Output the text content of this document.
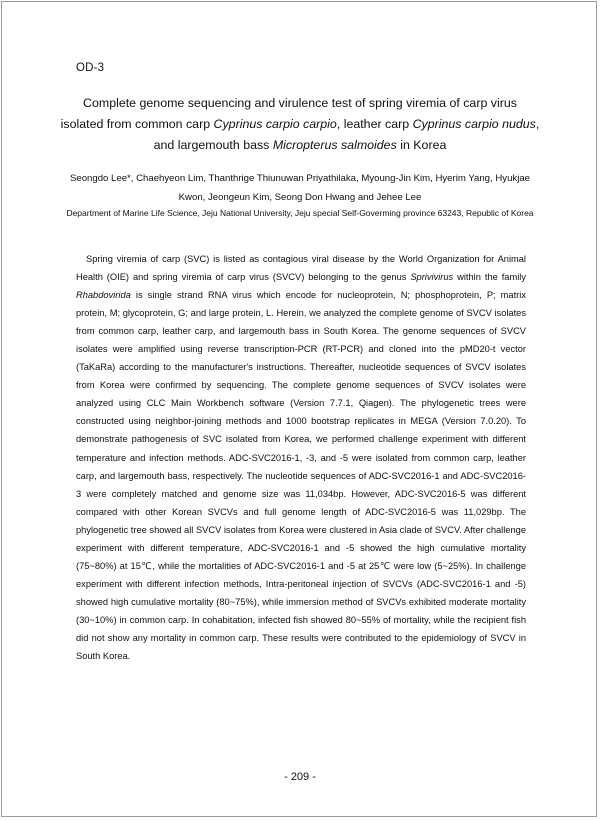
OD-3
Complete genome sequencing and virulence test of spring viremia of carp virus isolated from common carp Cyprinus carpio carpio, leather carp Cyprinus carpio nudus, and largemouth bass Micropterus salmoides in Korea
Seongdo Lee*, Chaehyeon Lim, Thanthrige Thiunuwan Priyathilaka, Myoung-Jin Kim, Hyerim Yang, Hyukjae Kwon, Jeongeun Kim, Seong Don Hwang and Jehee Lee
Department of Marine Life Science, Jeju National University, Jeju special Self-Goverming province 63243, Republic of Korea

Spring viremia of carp (SVC) is listed as contagious viral disease by the World Organization for Animal Health (OIE) and spring viremia of carp virus (SVCV) belonging to the genus Sprivivirus within the family Rhabdovirida is single strand RNA virus which encode for nucleoprotein, N; phosphoprotein, P; matrix protein, M; glycoprotein, G; and large protein, L. Herein, we analyzed the complete genome of SVCV isolates from common carp, leather carp, and largemouth bass in South Korea. The genome sequences of SVCV isolates were amplified using reverse transcription-PCR (RT-PCR) and cloned into the pMD20-t vector (TaKaRa) according to the manufacturer's instructions. Thereafter, nucleotide sequences of SVCV isolates from Korea were confirmed by sequencing. The complete genome sequences of SVCV isolates were analyzed using CLC Main Workbench software (Version 7.7.1, Qiagen). The phylogenetic trees were constructed using neighbor-joining methods and 1000 bootstrap replicates in MEGA (Version 7.0.20). To demonstrate pathogenesis of SVC isolated from Korea, we performed challenge experiment with different temperature and infection methods. ADC-SVC2016-1, -3, and -5 were isolated from common carp, leather carp, and largemouth bass, respectively. The nucleotide sequences of ADC-SVC2016-1 and ADC-SVC2016-3 were completely matched and genome size was 11,034bp. However, ADC-SVC2016-5 was different compared with other Korean SVCVs and full genome length of ADC-SVC2016-5 was 11,029bp. The phylogenetic tree showed all SVCV isolates from Korea were clustered in Asia clade of SVCV. After challenge experiment with different temperature, ADC-SVC2016-1 and -5 showed the high cumulative mortality (75~80%) at 15℃, while the mortalities of ADC-SVC2016-1 and -5 at 25℃ were low (5~25%). In challenge experiment with different infection methods, Intra-peritoneal injection of SVCVs (ADC-SVC2016-1 and -5) showed high cumulative mortality (80~75%), while immersion method of SVCVs exhibited moderate mortality (30~10%) in common carp. In cohabitation, infected fish showed 80~55% of mortality, while the recipient fish did not show any mortality in common carp. These results were contributed to the epidemiology of SVCV in South Korea.

- 209 -
